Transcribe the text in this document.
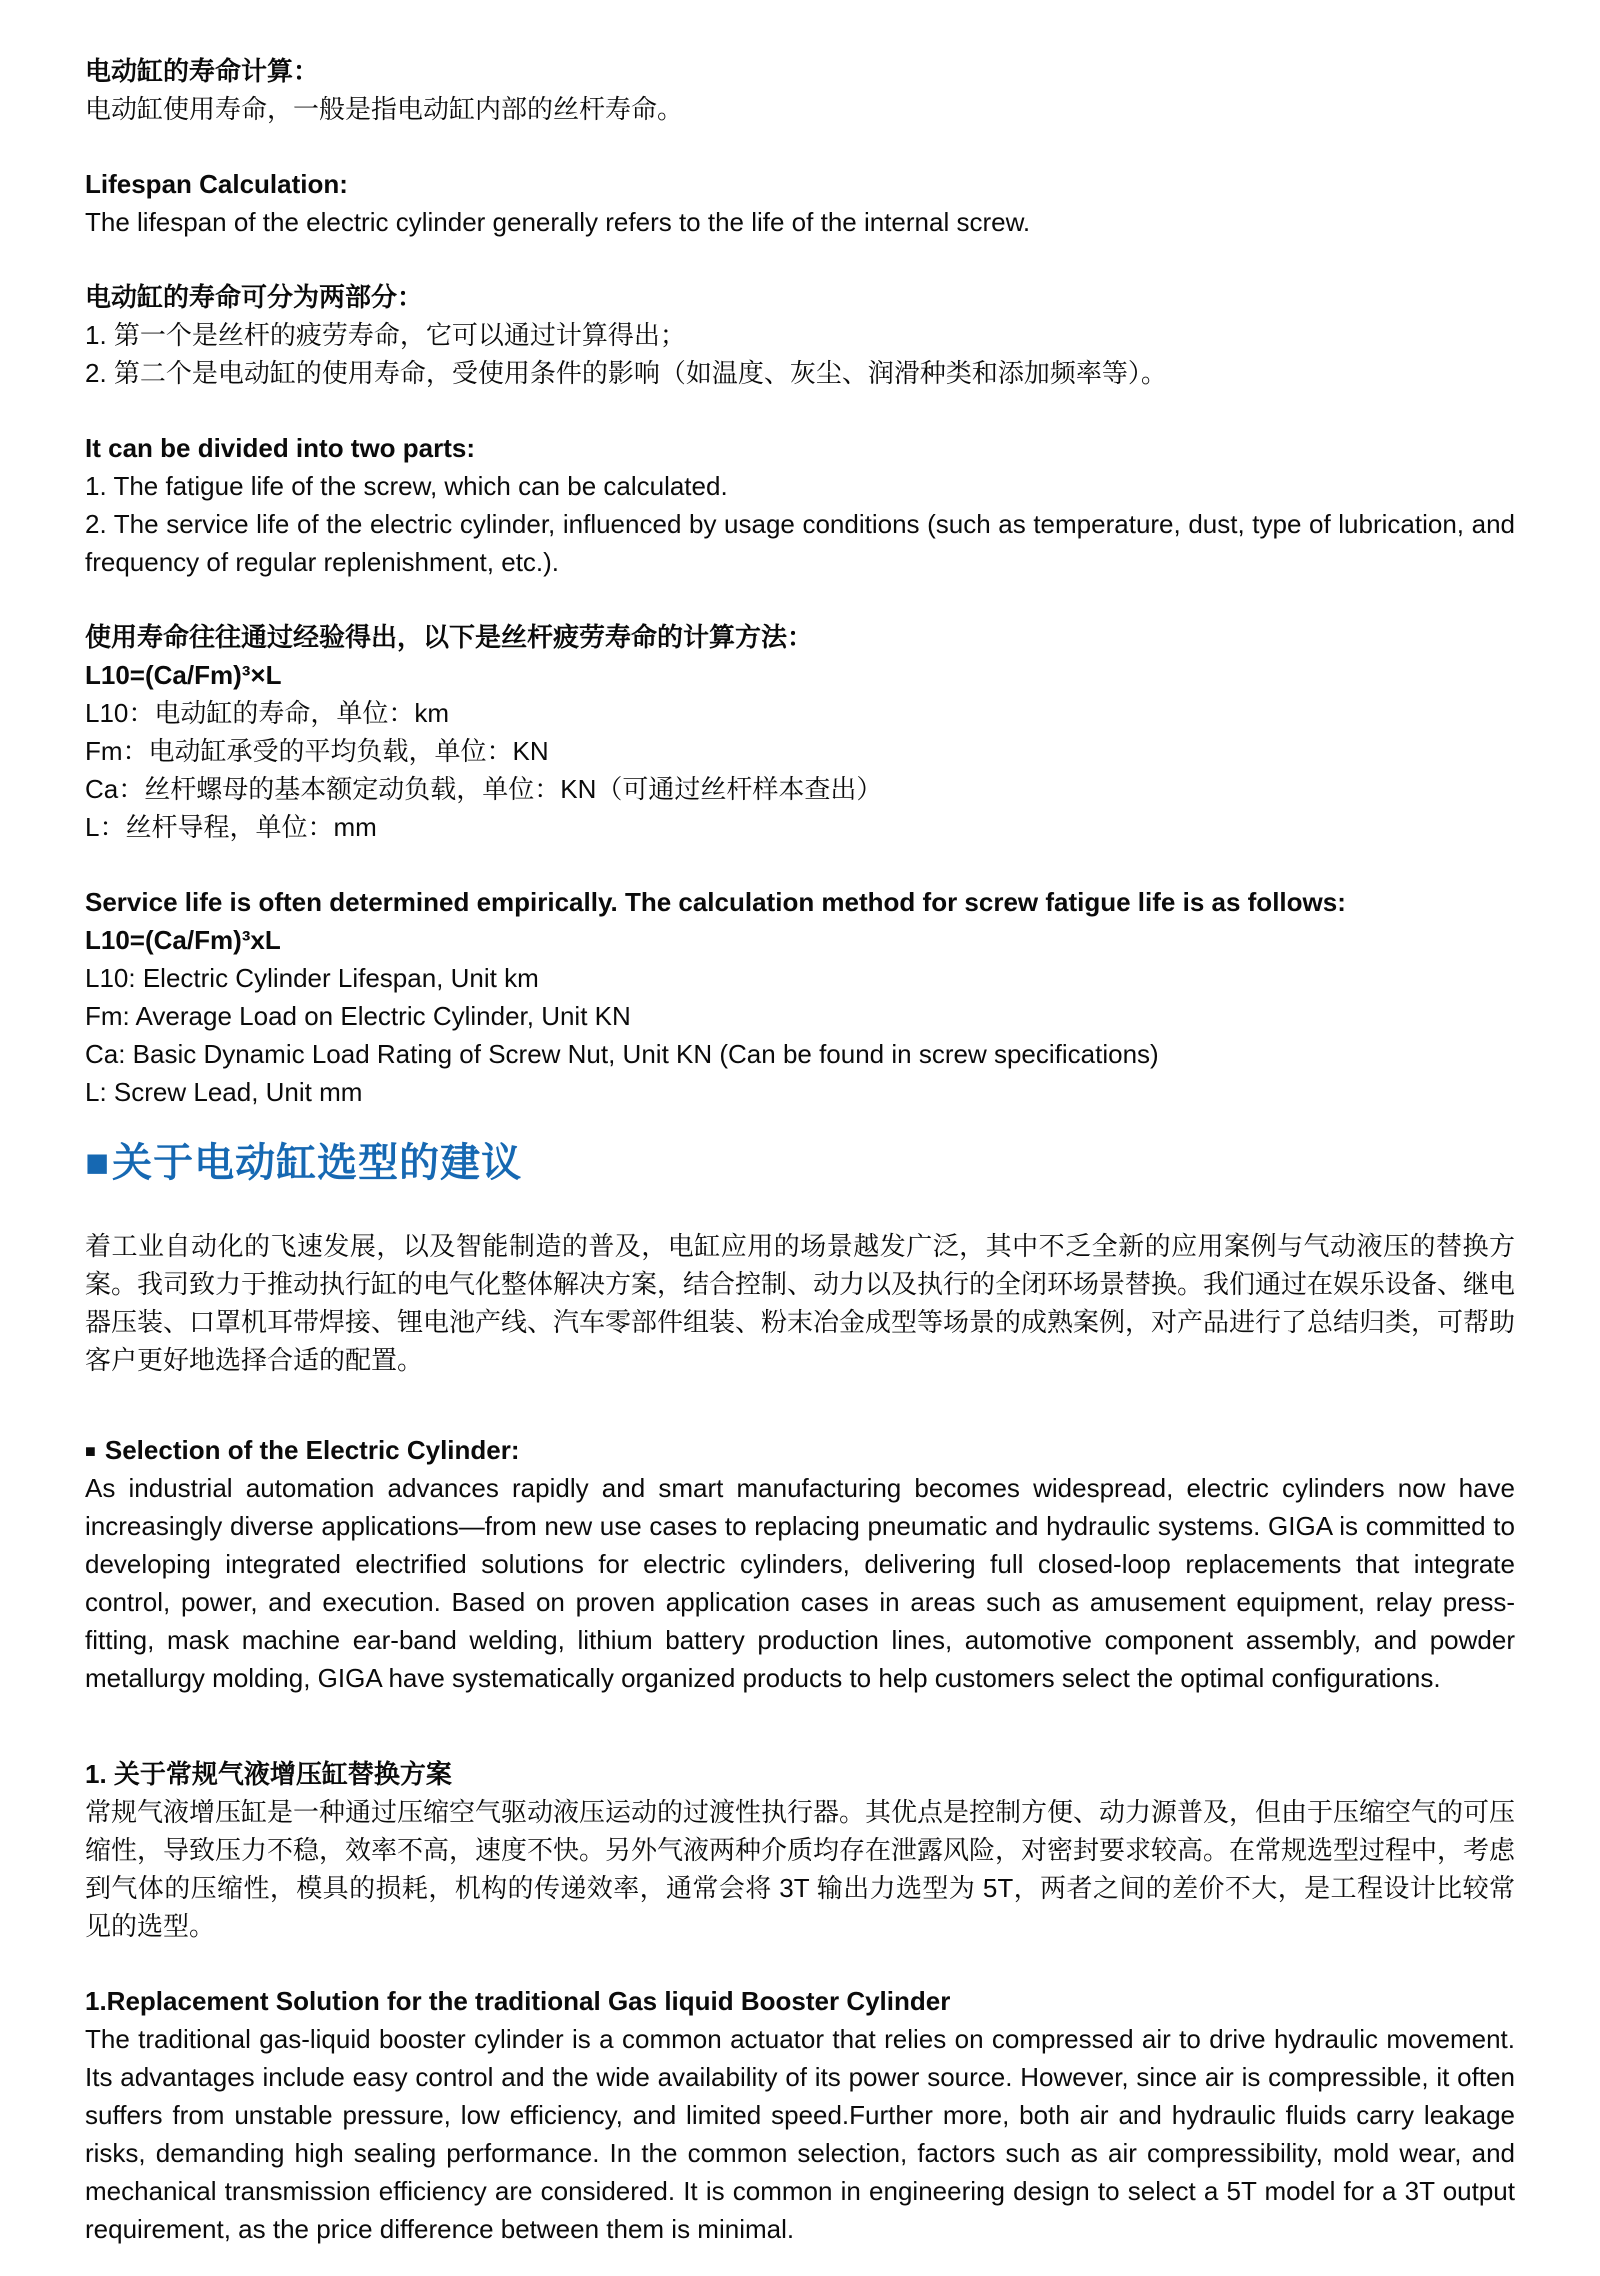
电动缸的寿命计算：

电动缸使用寿命，一般是指电动缸内部的丝杆寿命。

Lifespan Calculation:

The lifespan of the electric cylinder generally refers to the life of the internal screw.

电动缸的寿命可分为两部分：

1. 第一个是丝杆的疲劳寿命，它可以通过计算得出；

2. 第二个是电动缸的使用寿命，受使用条件的影响（如温度、灰尘、润滑种类和添加频率等）。

It can be divided into two parts:

1. The fatigue life of the screw, which can be calculated.

2. The service life of the electric cylinder, influenced by usage conditions (such as temperature, dust, type of lubrication, and frequency of regular replenishment, etc.).

使用寿命往往通过经验得出，以下是丝杆疲劳寿命的计算方法：

L10=(Ca/Fm)³×L

L10：电动缸的寿命，单位：km

Fm：电动缸承受的平均负载，单位：KN

Ca：丝杆螺母的基本额定动负载，单位：KN（可通过丝杆样本查出）

L：丝杆导程，单位：mm

Service life is often determined empirically. The calculation method for screw fatigue life is as follows:

L10=(Ca/Fm)³xL

L10: Electric Cylinder Lifespan, Unit km

Fm: Average Load on Electric Cylinder, Unit KN

Ca: Basic Dynamic Load Rating of Screw Nut, Unit KN (Can be found in screw specifications)

L: Screw Lead, Unit mm

■关于电动缸选型的建议

着工业自动化的飞速发展，以及智能制造的普及，电缸应用的场景越发广泛，其中不乏全新的应用案例与气动液压的替换方案。我司致力于推动执行缸的电气化整体解决方案，结合控制、动力以及执行的全闭环场景替换。我们通过在娱乐设备、继电器压装、口罩机耳带焊接、锂电池产线、汽车零部件组装、粉末冶金成型等场景的成熟案例，对产品进行了总结归类，可帮助客户更好地选择合适的配置。

■ Selection of the Electric Cylinder:

As industrial automation advances rapidly and smart manufacturing becomes widespread, electric cylinders now have increasingly diverse applications—from new use cases to replacing pneumatic and hydraulic systems. GIGA is committed to developing integrated electrified solutions for electric cylinders, delivering full closed-loop replacements that integrate control, power, and execution. Based on proven application cases in areas such as amusement equipment, relay press-fitting, mask machine ear-band welding, lithium battery production lines, automotive component assembly, and powder metallurgy molding, GIGA have systematically organized products to help customers select the optimal configurations.

1. 关于常规气液增压缸替换方案

常规气液增压缸是一种通过压缩空气驱动液压运动的过渡性执行器。其优点是控制方便、动力源普及，但由于压缩空气的可压缩性，导致压力不稳，效率不高，速度不快。另外气液两种介质均存在泄露风险，对密封要求较高。在常规选型过程中，考虑到气体的压缩性，模具的损耗，机构的传递效率，通常会将 3T 输出力选型为 5T，两者之间的差价不大，是工程设计比较常见的选型。

1.Replacement Solution for the traditional Gas liquid Booster Cylinder

The traditional gas-liquid booster cylinder is a common actuator that relies on compressed air to drive hydraulic movement. Its advantages include easy control and the wide availability of its power source. However, since air is compressible, it often suffers from unstable pressure, low efficiency, and limited speed.Further more, both air and hydraulic fluids carry leakage risks, demanding high sealing performance. In the common selection, factors such as air compressibility, mold wear, and mechanical transmission efficiency are considered. It is common in engineering design to select a 5T model for a 3T output requirement, as the price difference between them is minimal.
